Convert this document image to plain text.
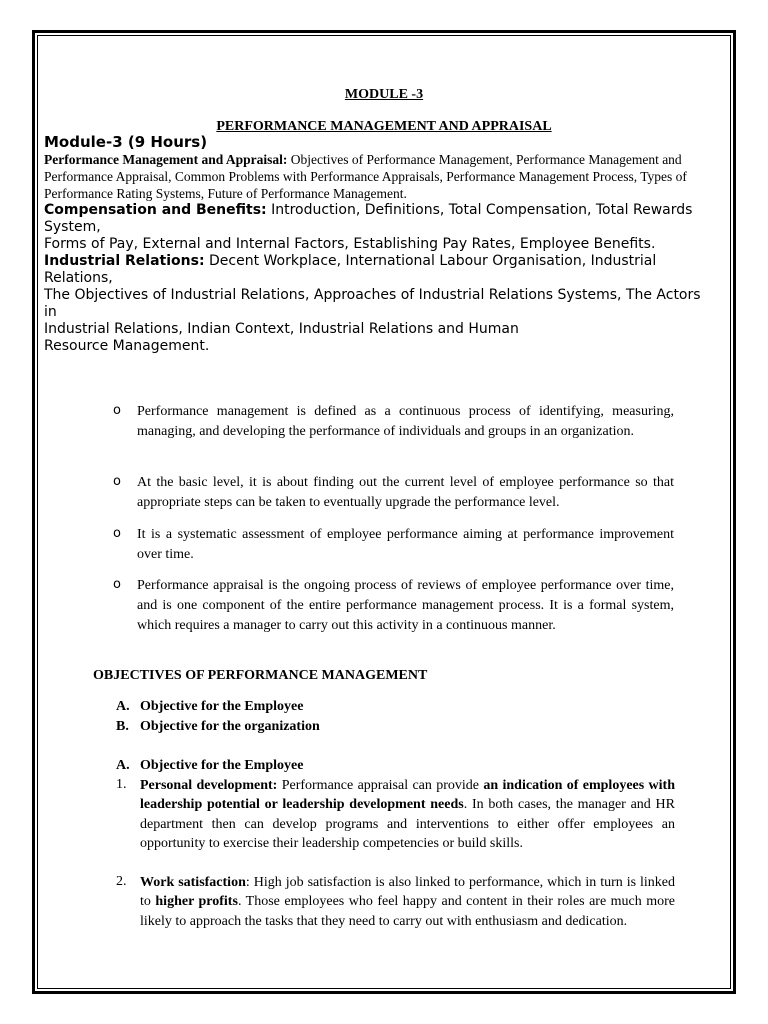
MODULE -3
PERFORMANCE MANAGEMENT AND APPRAISAL
Module-3 (9 Hours)
Performance Management and Appraisal: Objectives of Performance Management, Performance Management and Performance Appraisal, Common Problems with Performance Appraisals, Performance Management Process, Types of Performance Rating Systems, Future of Performance Management.
Compensation and Benefits: Introduction, Definitions, Total Compensation, Total Rewards System,
Forms of Pay, External and Internal Factors, Establishing Pay Rates, Employee Benefits.
Industrial Relations: Decent Workplace, International Labour Organisation, Industrial Relations,
The Objectives of Industrial Relations, Approaches of Industrial Relations Systems, The Actors in
Industrial Relations, Indian Context, Industrial Relations and Human
Resource Management.
o Performance management is defined as a continuous process of identifying, measuring, managing, and developing the performance of individuals and groups in an organization.
o At the basic level, it is about finding out the current level of employee performance so that appropriate steps can be taken to eventually upgrade the performance level.
o It is a systematic assessment of employee performance aiming at performance improvement over time.
o Performance appraisal is the ongoing process of reviews of employee performance over time, and is one component of the entire performance management process. It is a formal system, which requires a manager to carry out this activity in a continuous manner.
OBJECTIVES OF PERFORMANCE MANAGEMENT
A. Objective for the Employee
B. Objective for the organization
A. Objective for the Employee
1. Personal development: Performance appraisal can provide an indication of employees with leadership potential or leadership development needs. In both cases, the manager and HR department then can develop programs and interventions to either offer employees an opportunity to exercise their leadership competencies or build skills.
2. Work satisfaction: High job satisfaction is also linked to performance, which in turn is linked to higher profits. Those employees who feel happy and content in their roles are much more likely to approach the tasks that they need to carry out with enthusiasm and dedication.
